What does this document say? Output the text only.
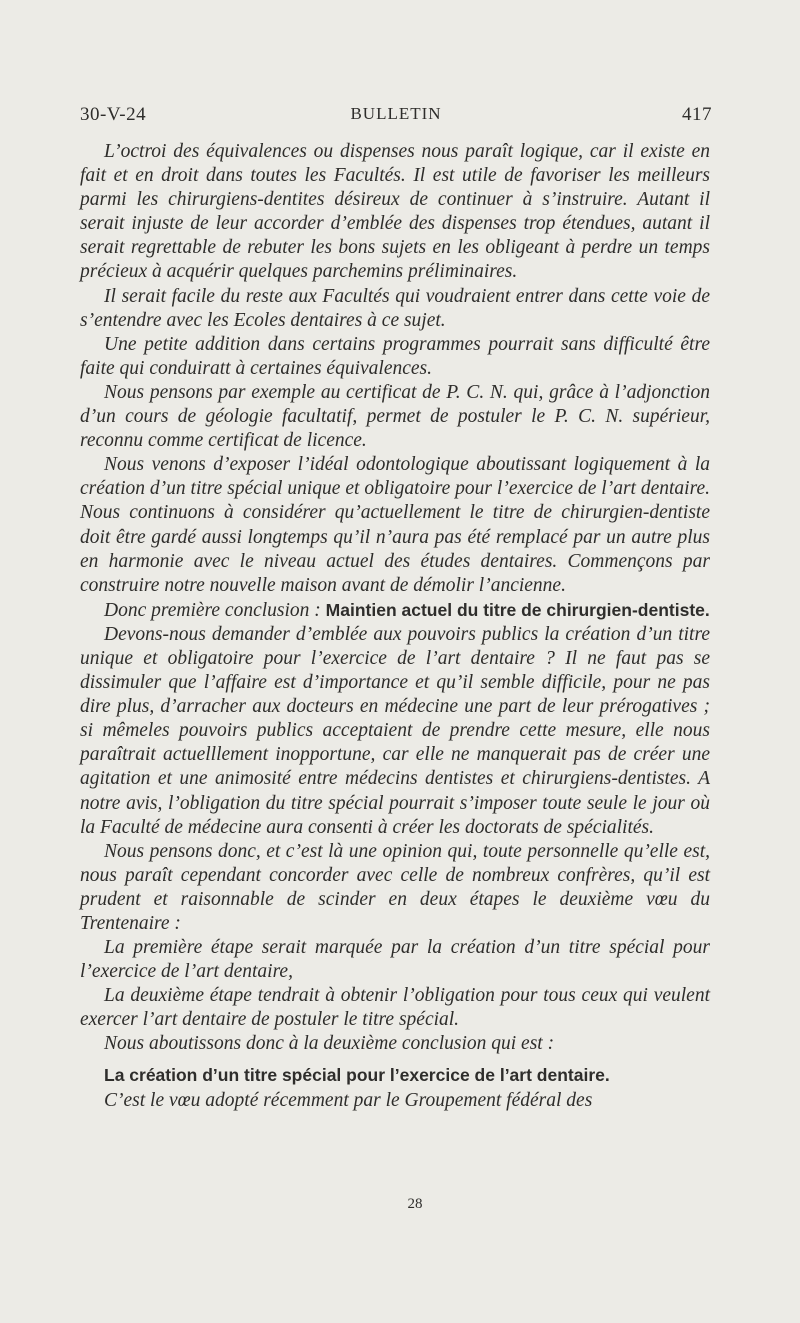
30-V-24	BULLETIN	417

L’octroi des équivalences ou dispenses nous paraît logique, car il existe en fait et en droit dans toutes les Facultés. Il est utile de favoriser les meilleurs parmi les chirurgiens-dentites désireux de continuer à s’instruire. Autant il serait injuste de leur accorder d’emblée des dispenses trop étendues, autant il serait regrettable de rebuter les bons sujets en les obligeant à perdre un temps précieux à acquérir quelques parchemins préliminaires.

Il serait facile du reste aux Facultés qui voudraient entrer dans cette voie de s’entendre avec les Ecoles dentaires à ce sujet.

Une petite addition dans certains programmes pourrait sans difficulté être faite qui conduiratt à certaines équivalences.

Nous pensons par exemple au certificat de P. C. N. qui, grâce à l’adjonction d’un cours de géologie facultatif, permet de postuler le P. C. N. supérieur, reconnu comme certificat de licence.

Nous venons d’exposer l’idéal odontologique aboutissant logiquement à la création d’un titre spécial unique et obligatoire pour l’exercice de l’art dentaire. Nous continuons à considérer qu’actuellement le titre de chirurgien-dentiste doit être gardé aussi longtemps qu’il n’aura pas été remplacé par un autre plus en harmonie avec le niveau actuel des études dentaires. Commençons par construire notre nouvelle maison avant de démolir l’ancienne.

Donc première conclusion : Maintien actuel du titre de chirurgien-dentiste.

Devons-nous demander d’emblée aux pouvoirs publics la création d’un titre unique et obligatoire pour l’exercice de l’art dentaire ? Il ne faut pas se dissimuler que l’affaire est d’importance et qu’il semble difficile, pour ne pas dire plus, d’arracher aux docteurs en médecine une part de leur prérogatives ; si mêmeles pouvoirs publics acceptaient de prendre cette mesure, elle nous paraîtrait actuelllement inopportune, car elle ne manquerait pas de créer une agitation et une animosité entre médecins dentistes et chirurgiens-dentistes. A notre avis, l’obligation du titre spécial pourrait s’imposer toute seule le jour où la Faculté de médecine aura consenti à créer les doctorats de spécialités.

Nous pensons donc, et c’est là une opinion qui, toute personnelle qu’elle est, nous paraît cependant concorder avec celle de nombreux confrères, qu’il est prudent et raisonnable de scinder en deux étapes le deuxième vœu du Trentenaire :

La première étape serait marquée par la création d’un titre spécial pour l’exercice de l’art dentaire,

La deuxième étape tendrait à obtenir l’obligation pour tous ceux qui veulent exercer l’art dentaire de postuler le titre spécial.

Nous aboutissons donc à la deuxième conclusion qui est :

La création d’un titre spécial pour l’exercice de l’art dentaire.

C’est le vœu adopté récemment par le Groupement fédéral des

28
